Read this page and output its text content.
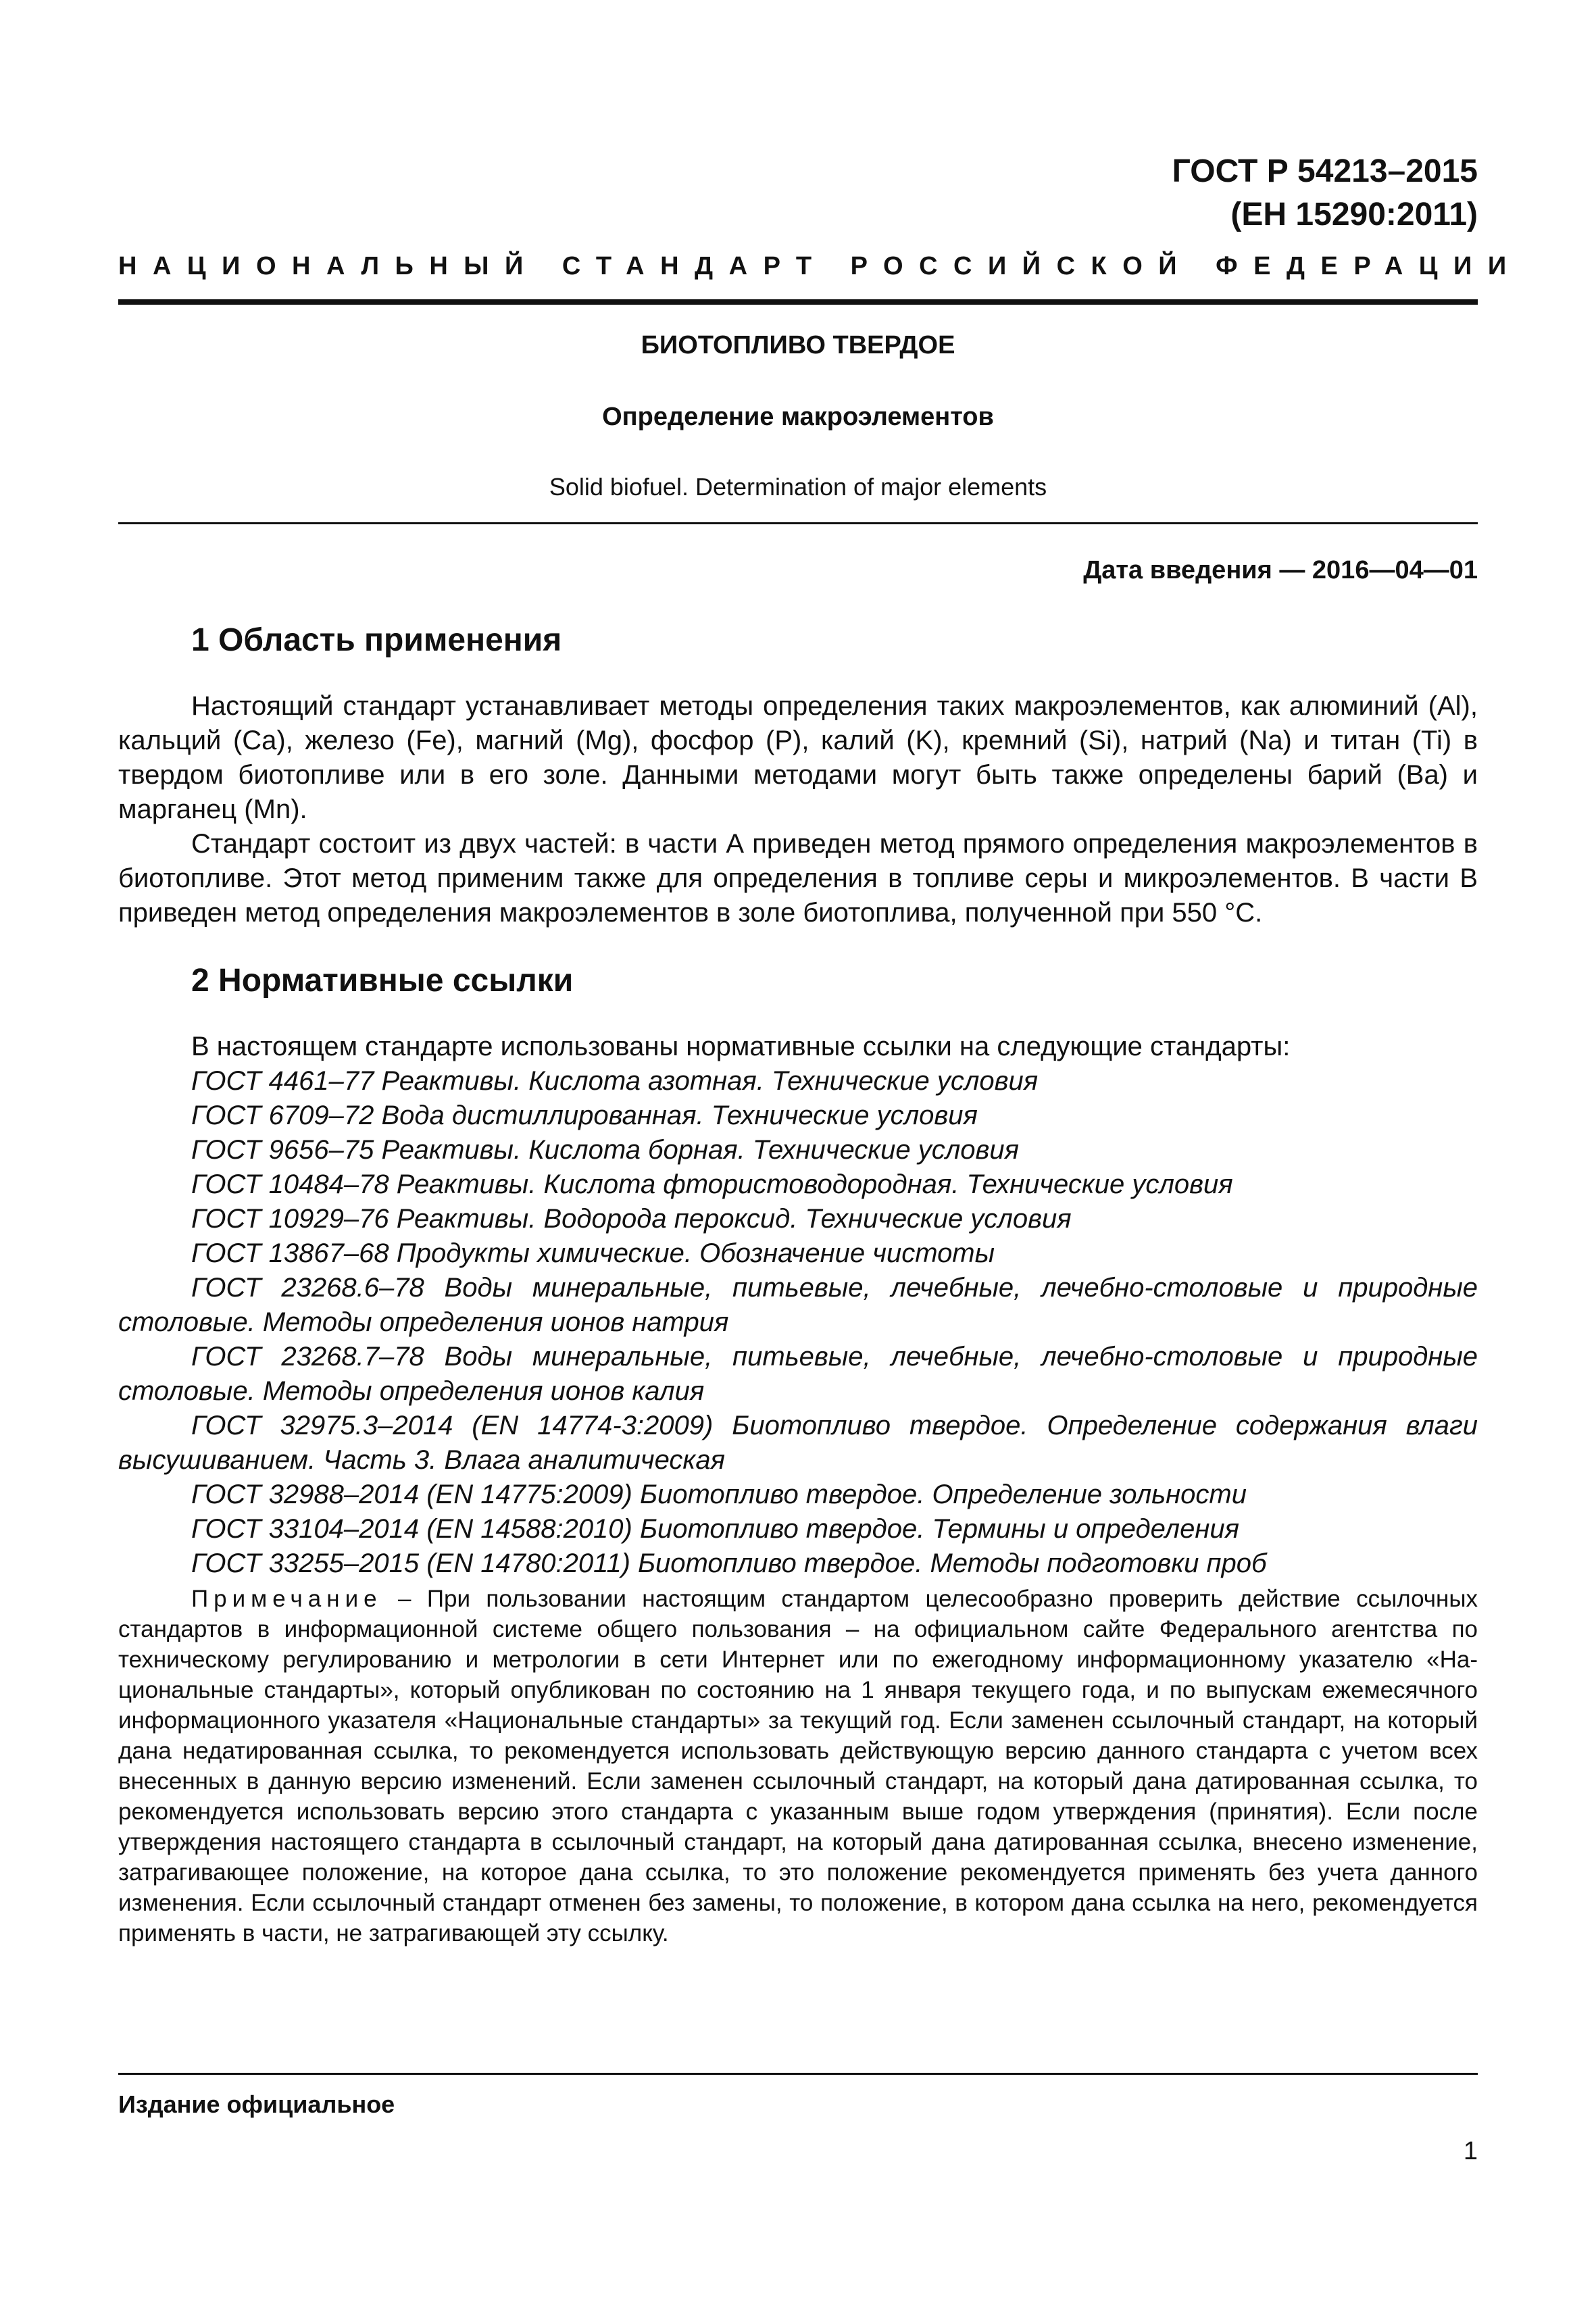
ГОСТ Р 54213–2015
(ЕН 15290:2011)
НАЦИОНАЛЬНЫЙ СТАНДАРТ РОССИЙСКОЙ ФЕДЕРАЦИИ
БИОТОПЛИВО ТВЕРДОЕ
Определение макроэлементов
Solid biofuel. Determination of major elements
Дата введения — 2016—04—01
1 Область применения

Настоящий стандарт устанавливает методы определения таких макроэлементов, как алюминий (Al), кальций (Ca), железо (Fe), магний (Mg), фосфор (P), калий (K), кремний (Si), натрий (Na) и титан (Ti) в твердом биотопливе или в его золе. Данными методами могут быть также определены барий (Ba) и марганец (Mn).

Стандарт состоит из двух частей: в части А приведен метод прямого определения макроэлементов в биотопливе. Этот метод применим также для определения в топливе серы и микроэлементов. В части В приведен метод определения макроэлементов в золе биотоплива, полученной при 550 °С.

2 Нормативные ссылки

В настоящем стандарте использованы нормативные ссылки на следующие стандарты:

ГОСТ 4461–77 Реактивы. Кислота азотная. Технические условия

ГОСТ 6709–72 Вода дистиллированная. Технические условия

ГОСТ 9656–75 Реактивы. Кислота борная. Технические условия

ГОСТ 10484–78 Реактивы. Кислота фтористоводородная. Технические условия

ГОСТ 10929–76 Реактивы. Водорода пероксид. Технические условия

ГОСТ 13867–68 Продукты химические. Обозначение чистоты

ГОСТ 23268.6–78 Воды минеральные, питьевые, лечебные, лечебно-столовые и природные столовые. Методы определения ионов натрия

ГОСТ 23268.7–78 Воды минеральные, питьевые, лечебные, лечебно-столовые и природные столовые. Методы определения ионов калия

ГОСТ 32975.3–2014 (EN 14774-3:2009) Биотопливо твердое. Определение содержания влаги высушиванием. Часть 3. Влага аналитическая

ГОСТ 32988–2014 (EN 14775:2009) Биотопливо твердое. Определение зольности

ГОСТ 33104–2014 (EN 14588:2010) Биотопливо твердое. Термины и определения

ГОСТ 33255–2015 (EN 14780:2011) Биотопливо твердое. Методы подготовки проб

Примечание – При пользовании настоящим стандартом целесообразно проверить действие ссылочных стандартов в информационной системе общего пользования – на официальном сайте Федерального агентства по техническому регулированию и метрологии в сети Интернет или по ежегодному информационному указателю «Национальные стандарты», который опубликован по состоянию на 1 января текущего года, и по выпускам ежемесячного информационного указателя «Национальные стандарты» за текущий год. Если заменен ссылочный стандарт, на который дана недатированная ссылка, то рекомендуется использовать действующую версию данного стандарта с учетом всех внесенных в данную версию изменений. Если заменен ссылочный стандарт, на который дана датированная ссылка, то рекомендуется использовать версию этого стандарта с указанным выше годом утверждения (принятия). Если после утверждения настоящего стандарта в ссылочный стандарт, на который дана датированная ссылка, внесено изменение, затрагивающее положение, на которое дана ссылка, то это положение рекомендуется применять без учета данного изменения. Если ссылочный стандарт отменен без замены, то положение, в котором дана ссылка на него, рекомендуется применять в части, не затрагивающей эту ссылку.
Издание официальное
1
